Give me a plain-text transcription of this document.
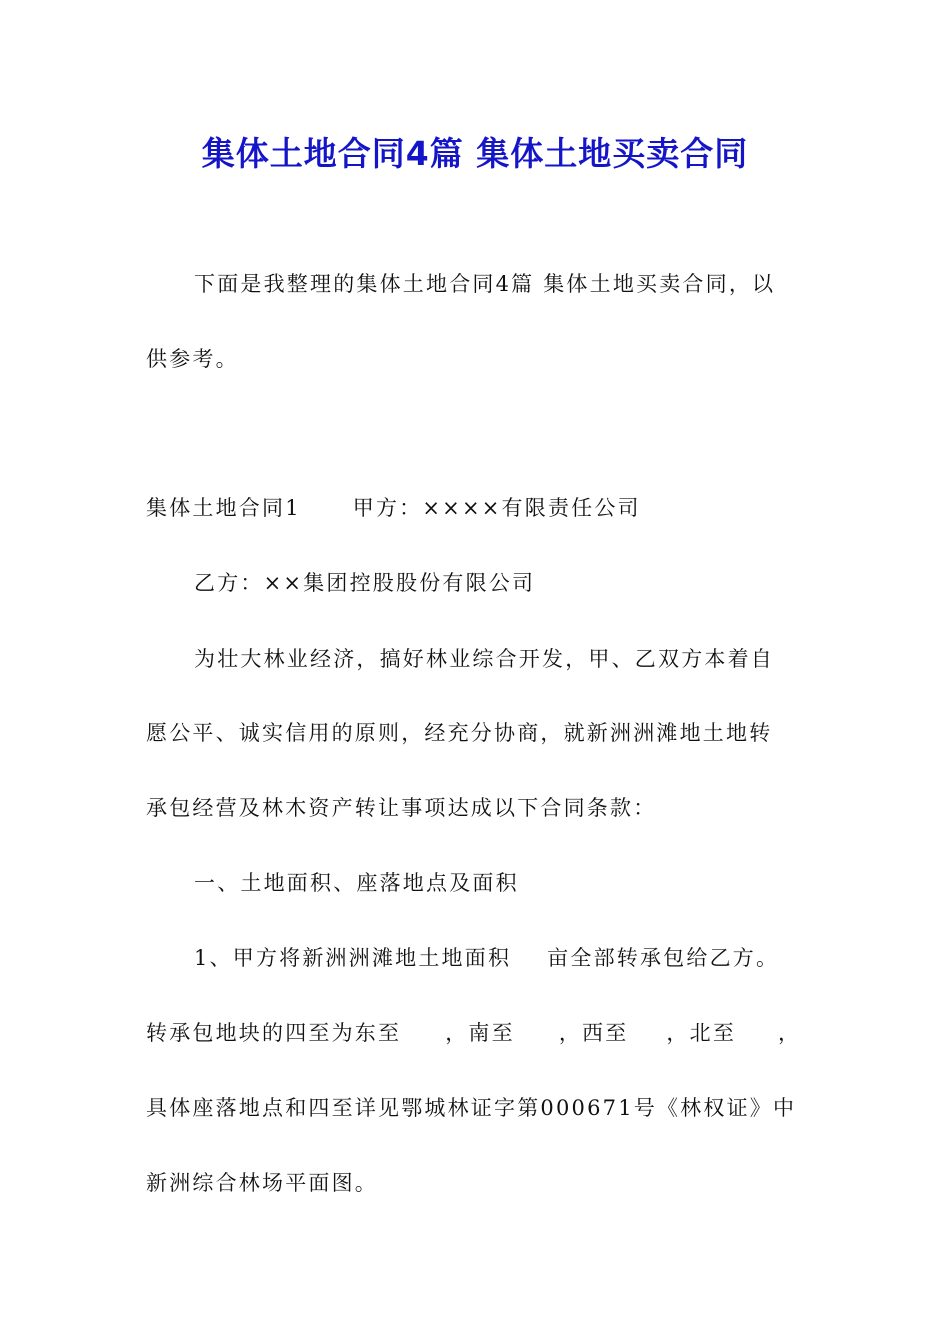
集体土地合同4篇 集体土地买卖合同
下面是我整理的集体土地合同4篇 集体土地买卖合同，以
供参考。
集体土地合同1 甲方：××××有限责任公司
乙方：××集团控股股份有限公司
为壮大林业经济，搞好林业综合开发，甲、乙双方本着自
愿公平、诚实信用的原则，经充分协商，就新洲洲滩地土地转
承包经营及林木资产转让事项达成以下合同条款：
一、土地面积、座落地点及面积
1、甲方将新洲洲滩地土地面积 亩全部转承包给乙方。
转承包地块的四至为东至 ，南至 ，西至 ，北至 ，
具体座落地点和四至详见鄂城林证字第000671号《林权证》中
新洲综合林场平面图。
